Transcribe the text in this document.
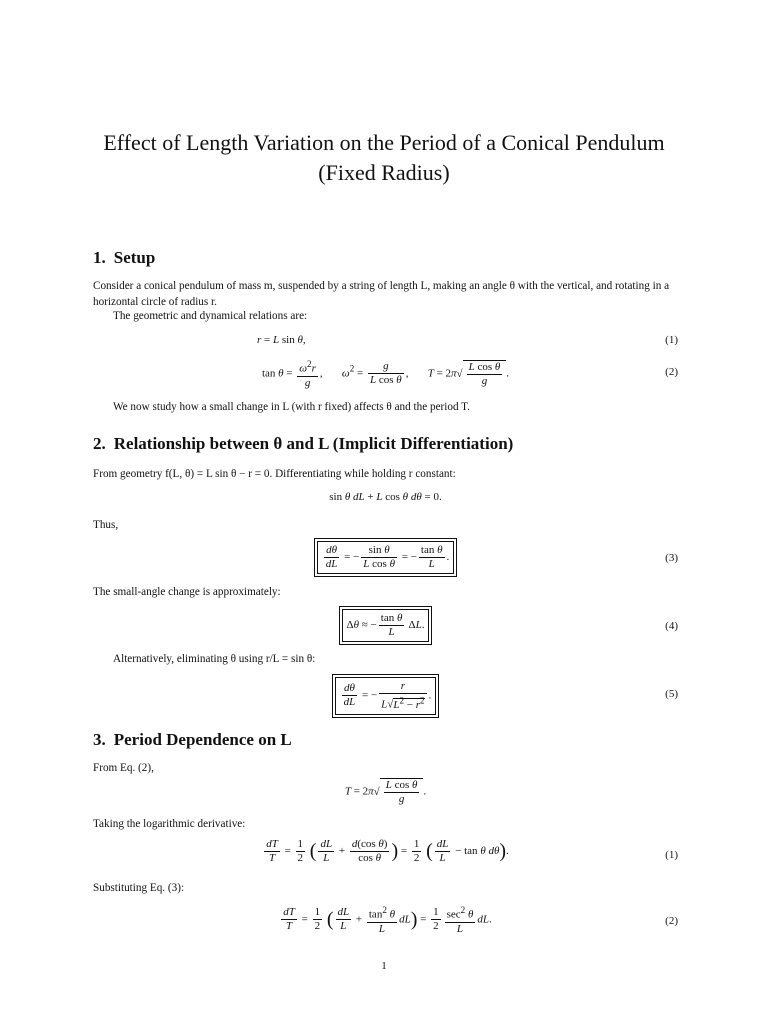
Effect of Length Variation on the Period of a Conical Pendulum
(Fixed Radius)
1. Setup
Consider a conical pendulum of mass m, suspended by a string of length L, making an angle θ with the vertical, and rotating in a horizontal circle of radius r.
The geometric and dynamical relations are:
r = L sin θ,	(1)
$\tan \theta = \frac{\omega^2r}{g}$ ,       $\omega^2 = \frac{g}{\text{L cos θ}}$ ,       $T = 2\pi√ \frac{\text{L cos θ}}{g}$ .	(2)
We now study how a small change in L (with r fixed) affects θ and the period T.
2. Relationship between θ and L (Implicit Differentiation)
From geometry f(L, θ) = L sin θ − r = 0. Differentiating while holding r constant:
sin θ dL + L cos θ dθ = 0.
Thus,
$\frac{d\theta}{dL}$ = − $\frac{\text{sin θ}}{\text{L cos θ}}$ = − $\frac{\text{tan θ}}{L}$ .	(3)
The small-angle change is approximately:
Δθ ≈ − $\frac{\text{tan θ}}{L} \Delta L$.	(4)
Alternatively, eliminating θ using r/L = sin θ:
$\frac{d\theta}{dL}$ = − $\frac{r}{L√L^2 - r^2}$ .	(5)
3. Period Dependence on L
From Eq. (2),
$T = 2\pi√ \frac{\text{L cos θ}}{g}$ .
Taking the logarithmic derivative:
$\frac{dT}{T} = \frac{1}{2}$ ( $\frac{dL}{L} + \frac{\text{d(cos θ)}}{\text{cos θ}}$ ) = $\frac{1}{2}$ ( $\frac{dL}{L} - \tan \theta$ dθ).	(1)
Substituting Eq. (3):
$\frac{dT}{T} = \frac{1}{2}$ ( $\frac{dL}{L} + \frac{\tan^2 \theta}{L} dL) = \frac{1}{2} \frac{\sec^2 \theta}{L}$ dL.	(2)
1
